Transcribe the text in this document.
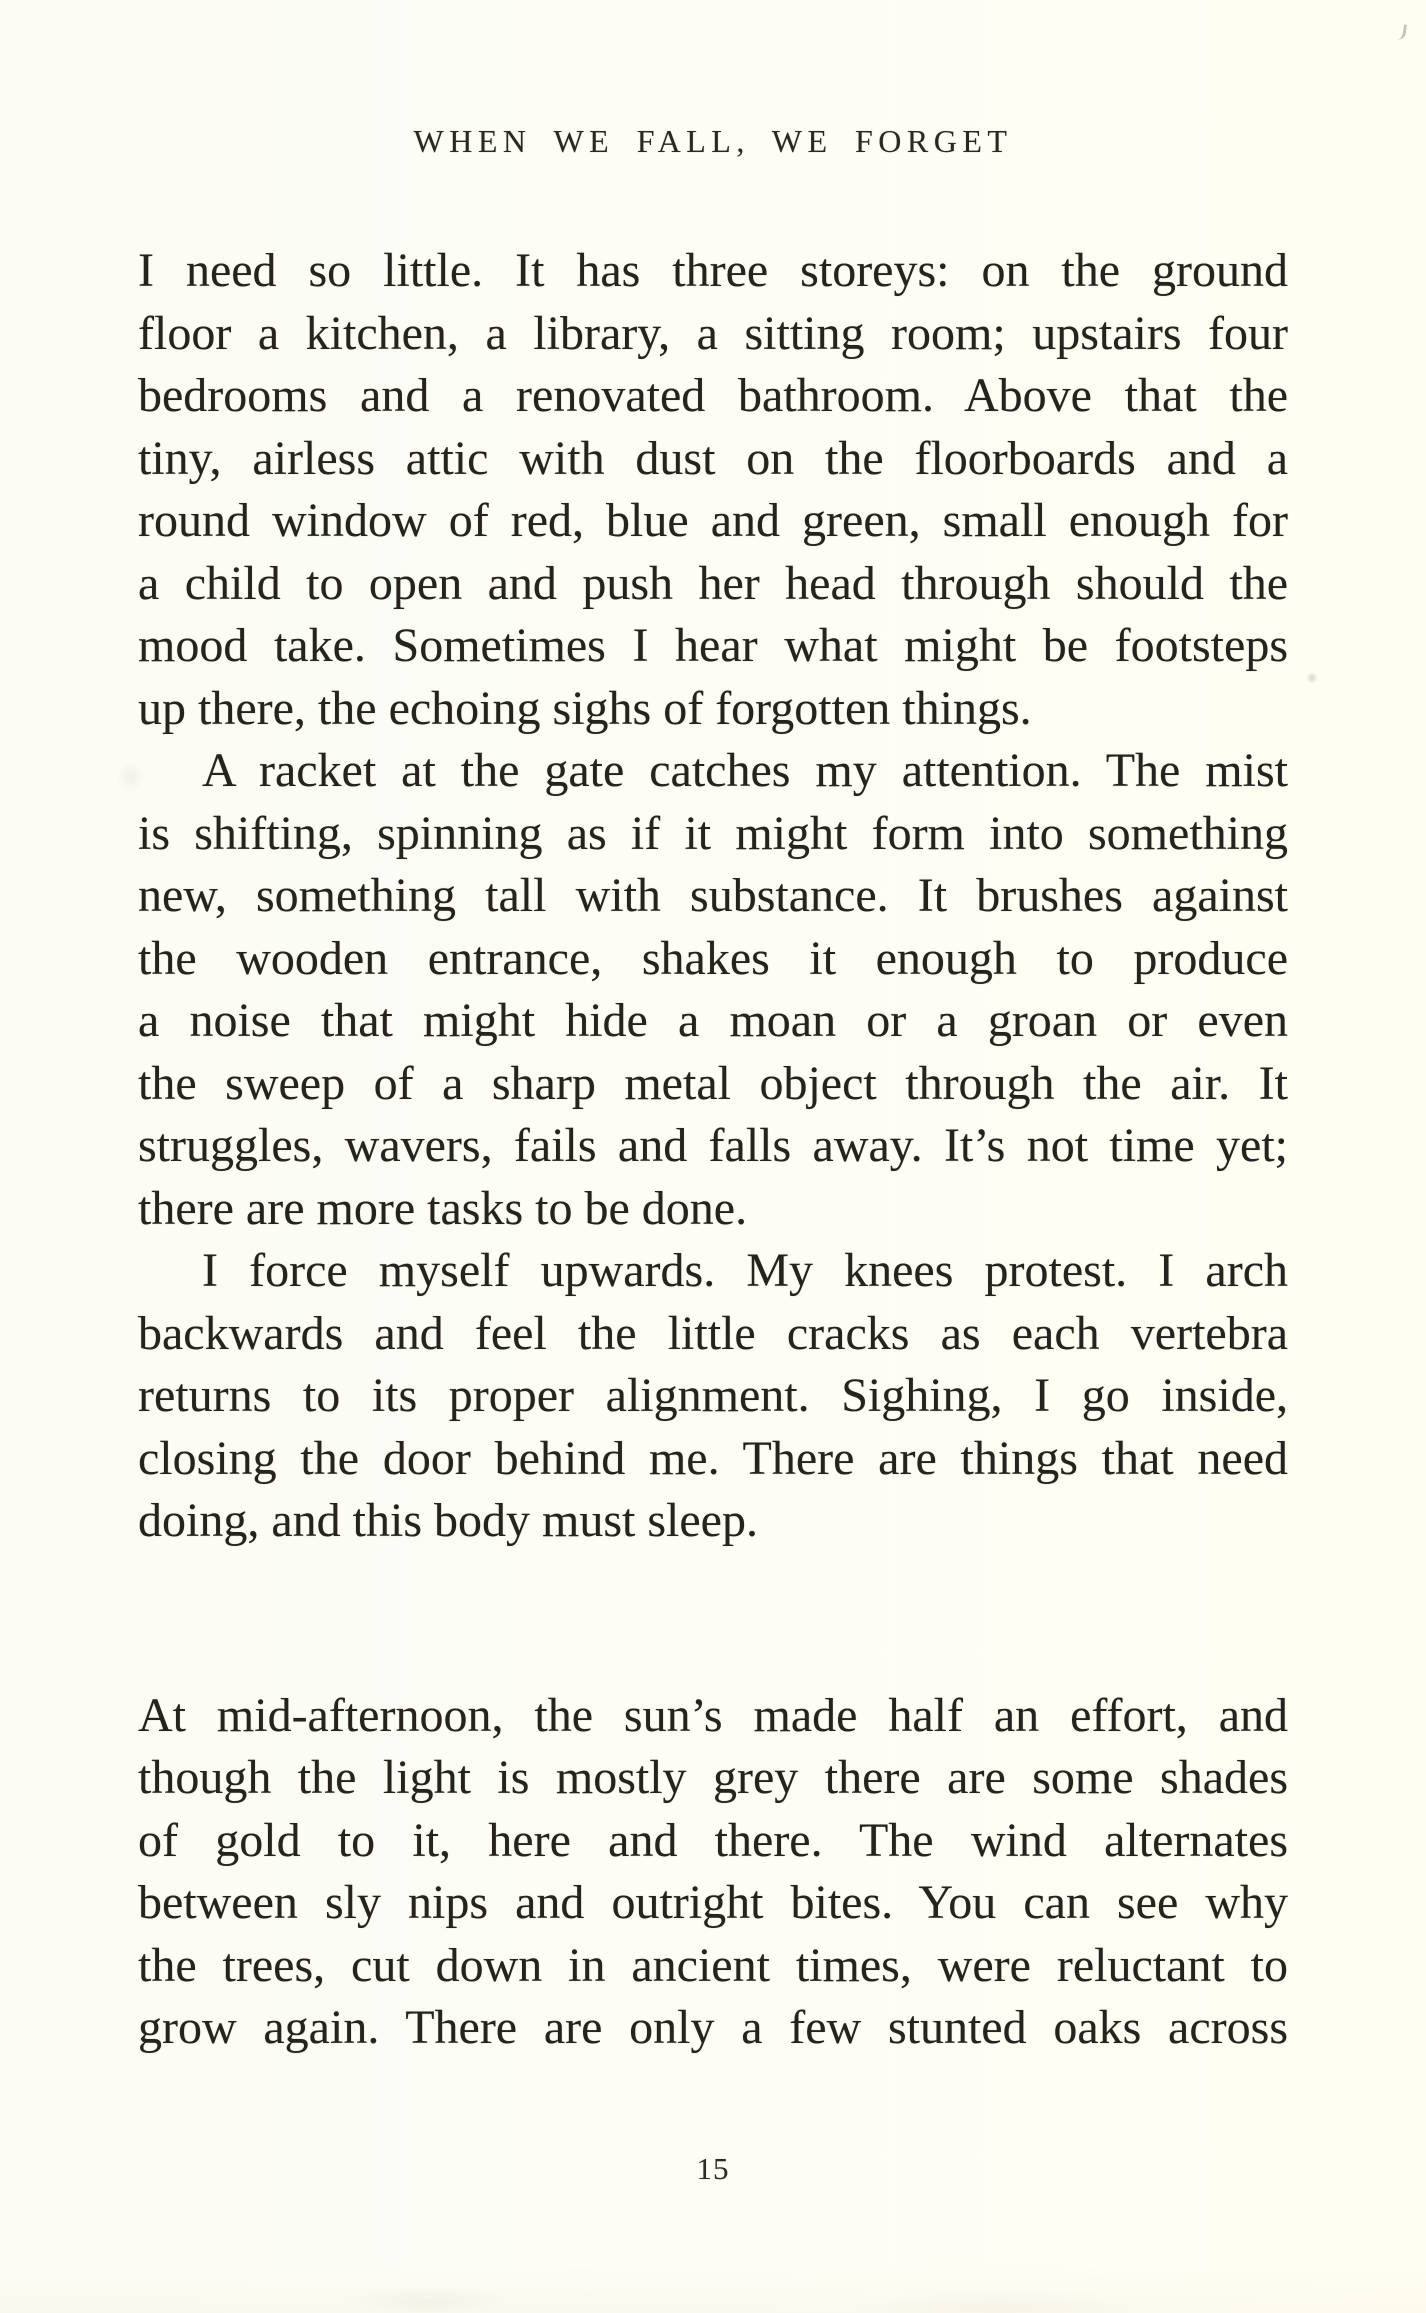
WHEN WE FALL, WE FORGET
I need so little. It has three storeys: on the ground
floor a kitchen, a library, a sitting room; upstairs four
bedrooms and a renovated bathroom. Above that the
tiny, airless attic with dust on the floorboards and a
round window of red, blue and green, small enough for
a child to open and push her head through should the
mood take. Sometimes I hear what might be footsteps
up there, the echoing sighs of forgotten things.
A racket at the gate catches my attention. The mist
is shifting, spinning as if it might form into something
new, something tall with substance. It brushes against
the wooden entrance, shakes it enough to produce
a noise that might hide a moan or a groan or even
the sweep of a sharp metal object through the air. It
struggles, wavers, fails and falls away. It’s not time yet;
there are more tasks to be done.
I force myself upwards. My knees protest. I arch
backwards and feel the little cracks as each vertebra
returns to its proper alignment. Sighing, I go inside,
closing the door behind me. There are things that need
doing, and this body must sleep.
At mid-afternoon, the sun’s made half an effort, and
though the light is mostly grey there are some shades
of gold to it, here and there. The wind alternates
between sly nips and outright bites. You can see why
the trees, cut down in ancient times, were reluctant to
grow again. There are only a few stunted oaks across
15
